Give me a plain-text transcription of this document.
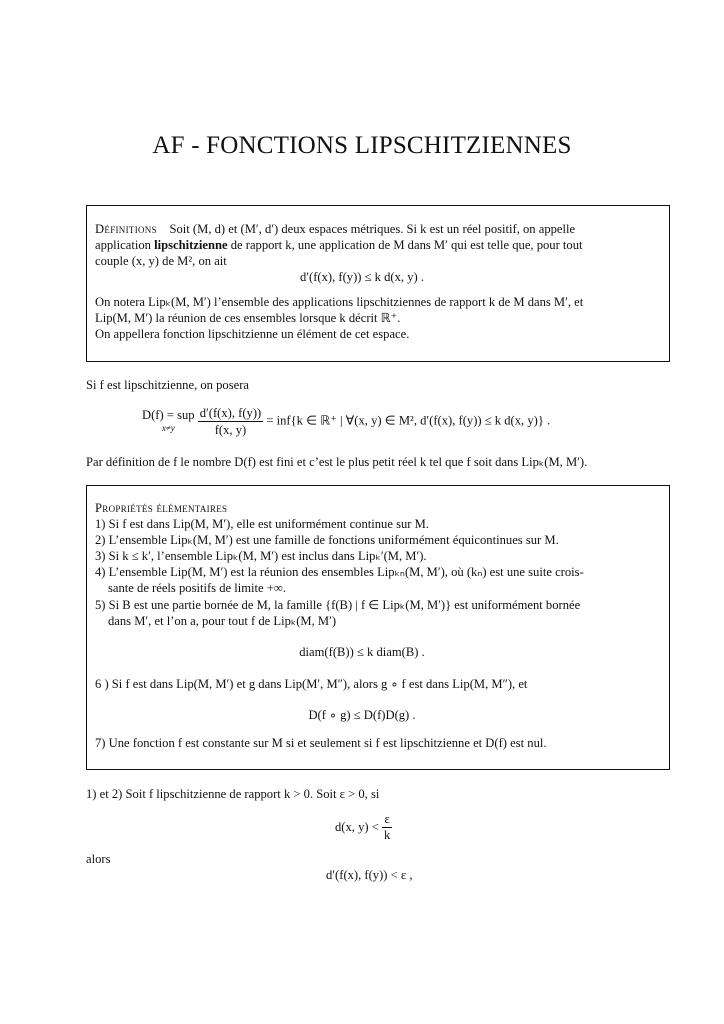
AF - FONCTIONS LIPSCHITZIENNES
Définitions Soit (M, d) et (M′, d′) deux espaces métriques. Si k est un réel positif, on appelle
application lipschitzienne de rapport k, une application de M dans M′ qui est telle que, pour tout
couple (x, y) de M², on ait
d′(f(x), f(y)) ≤ k d(x, y) .
On notera Lipₖ(M, M′) l’ensemble des applications lipschitziennes de rapport k de M dans M′, et
Lip(M, M′) la réunion de ces ensembles lorsque k décrit ℝ⁺.
On appellera fonction lipschitzienne un élément de cet espace.
Si f est lipschitzienne, on posera
D(f) = sup
x≠y
	$\frac{d'(f(x), f(y))}{f(x, y)} = inf\{k$ ∈ ℝ⁺ | ∀(x, y) ∈ M², d′(f(x), f(y)) ≤ k d(x, y)} .
Par définition de f le nombre D(f) est fini et c’est le plus petit réel k tel que f soit dans Lipₖ(M, M′).
Propriétés élémentaires
1) Si f est dans Lip(M, M′), elle est uniformément continue sur M.
2) L’ensemble Lipₖ(M, M′) est une famille de fonctions uniformément équicontinues sur M.
3) Si k ≤ k′, l’ensemble Lipₖ(M, M′) est inclus dans Lipₖ′(M, M′).
4) L’ensemble Lip(M, M′) est la réunion des ensembles Lipₖₙ(M, M′), où (kₙ) est une suite crois-
sante de réels positifs de limite +∞.
5) Si B est une partie bornée de M, la famille {f(B) | f ∈ Lipₖ(M, M′)} est uniformément bornée
dans M′, et l’on a, pour tout f de Lipₖ(M, M′)
diam(f(B)) ≤ k diam(B) .
6 ) Si f est dans Lip(M, M′) et g dans Lip(M′, M″), alors g ∘ f est dans Lip(M, M″), et
D(f ∘ g) ≤ D(f)D(g) .
7) Une fonction f est constante sur M si et seulement si f est lipschitzienne et D(f) est nul.
1) et 2) Soit f lipschitzienne de rapport k > 0. Soit ε > 0, si
d(x, $y) < \frac{\varepsilon}{k}$
alors
d′(f(x), f(y)) < ε ,
